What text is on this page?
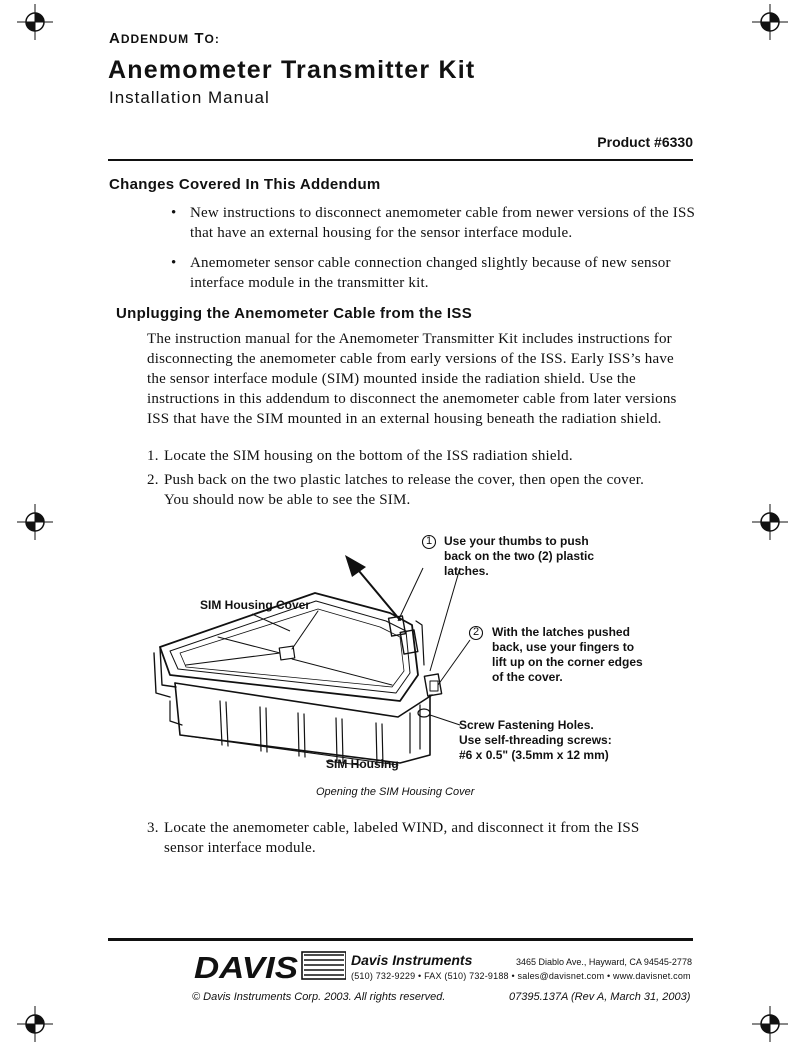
ADDENDUM TO:
Anemometer Transmitter Kit
Installation Manual
Product #6330
Changes Covered In This Addendum
• New instructions to disconnect anemometer cable from newer versions of the ISS that have an external housing for the sensor interface module.
• Anemometer sensor cable connection changed slightly because of new sensor interface module in the transmitter kit.
Unplugging the Anemometer Cable from the ISS
The instruction manual for the Anemometer Transmitter Kit includes instructions for disconnecting the anemometer cable from early versions of the ISS. Early ISS’s have the sensor interface module (SIM) mounted inside the radiation shield. Use the instructions in this addendum to disconnect the anemometer cable from later versions ISS that have the SIM mounted in an external housing beneath the radiation shield.
1. Locate the SIM housing on the bottom of the ISS radiation shield.
2. Push back on the two plastic latches to release the cover, then open the cover.
You should now be able to see the SIM.
1 Use your thumbs to push
back on the two (2) plastic
latches.
2 With the latches pushed
back, use your fingers to
lift up on the corner edges
of the cover.
SIM Housing Cover
SIM Housing
Screw Fastening Holes.
Use self-threading screws:
#6 x 0.5" (3.5mm x 12 mm)
Opening the SIM Housing Cover
3. Locate the anemometer cable, labeled WIND, and disconnect it from the ISS
sensor interface module.
DAVIS	Davis Instruments	3465 Diablo Ave., Hayward, CA 94545-2778
(510) 732-9229 • FAX (510) 732-9188 • sales@davisnet.com • www.davisnet.com
© Davis Instruments Corp. 2003. All rights reserved.	07395.137A (Rev A, March 31, 2003)
